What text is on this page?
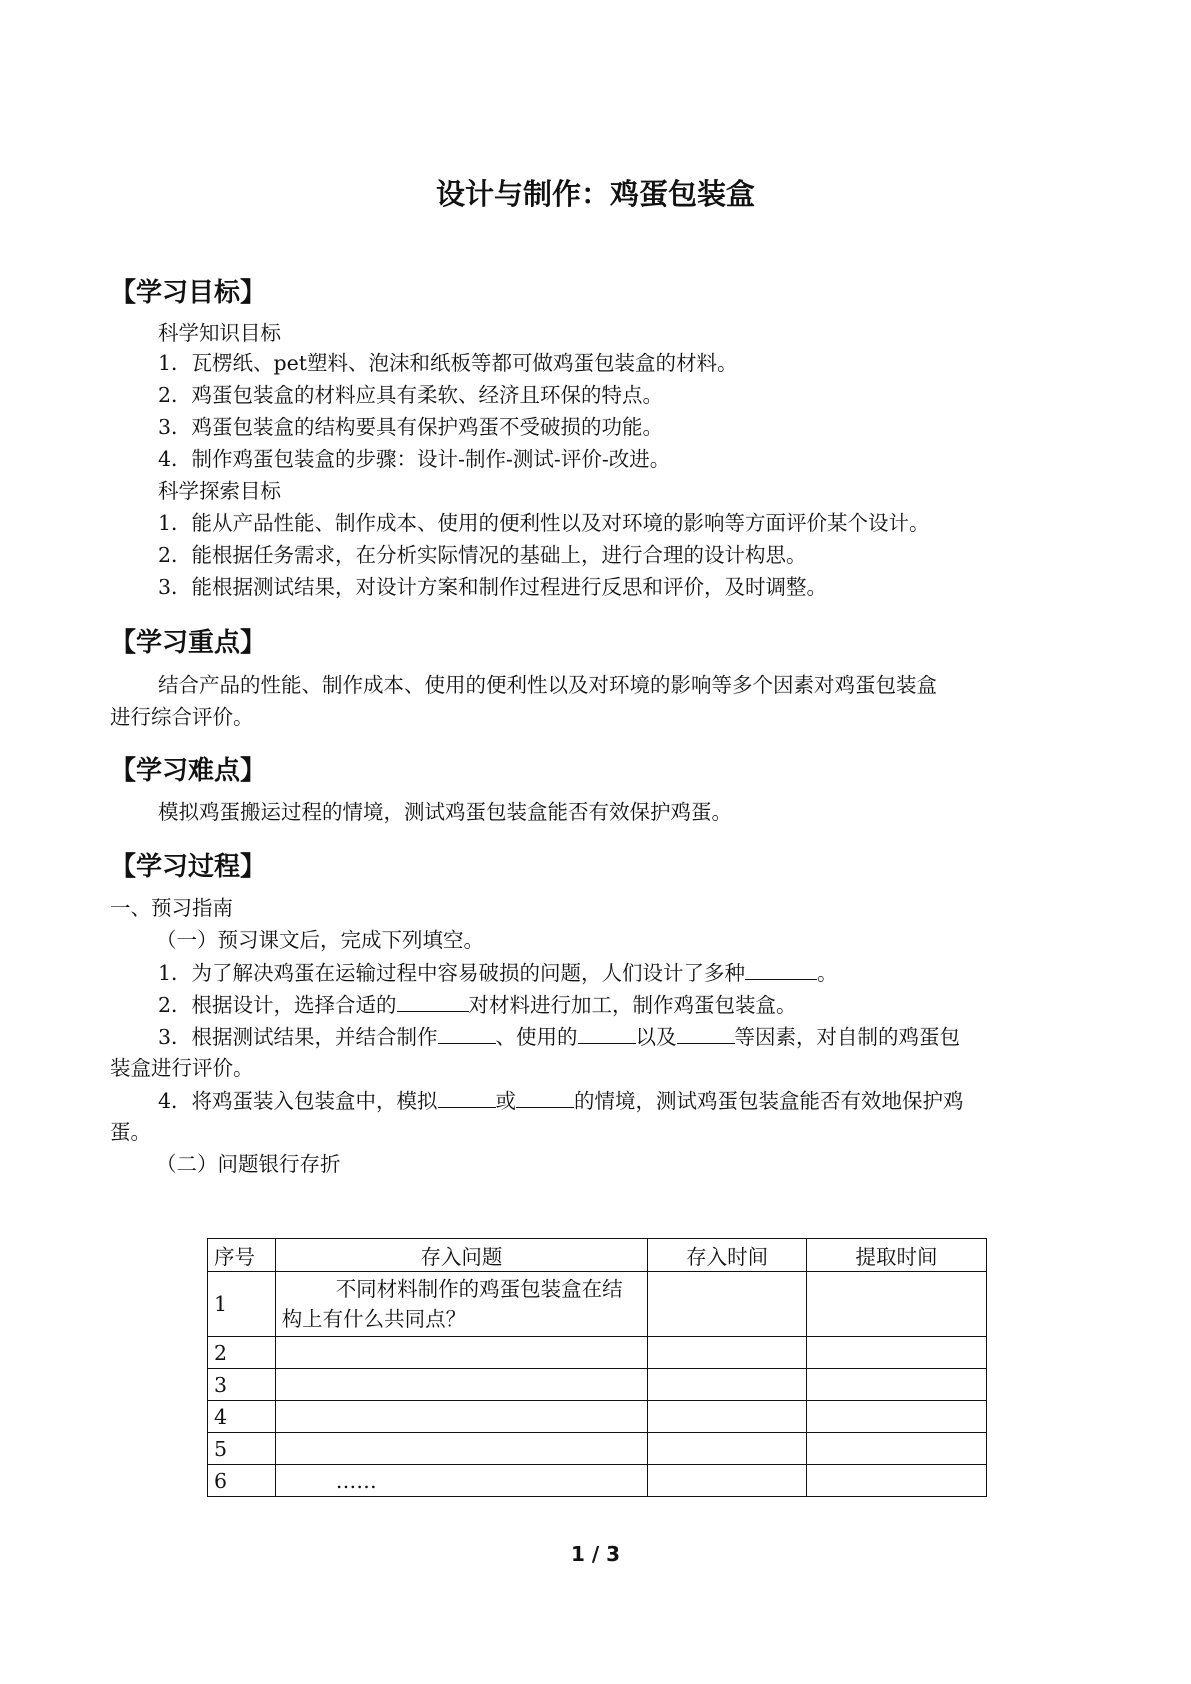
设计与制作：鸡蛋包装盒
【学习目标】
科学知识目标
1．瓦楞纸、pet塑料、泡沫和纸板等都可做鸡蛋包装盒的材料。
2．鸡蛋包装盒的材料应具有柔软、经济且环保的特点。
3．鸡蛋包装盒的结构要具有保护鸡蛋不受破损的功能。
4．制作鸡蛋包装盒的步骤：设计-制作-测试-评价-改进。
科学探索目标
1．能从产品性能、制作成本、使用的便利性以及对环境的影响等方面评价某个设计。
2．能根据任务需求，在分析实际情况的基础上，进行合理的设计构思。
3．能根据测试结果，对设计方案和制作过程进行反思和评价，及时调整。
【学习重点】
结合产品的性能、制作成本、使用的便利性以及对环境的影响等多个因素对鸡蛋包装盒
进行综合评价。
【学习难点】
模拟鸡蛋搬运过程的情境，测试鸡蛋包装盒能否有效保护鸡蛋。
【学习过程】
一、预习指南
（一）预习课文后，完成下列填空。
1．为了解决鸡蛋在运输过程中容易破损的问题，人们设计了多种	。
2．根据设计，选择合适的	对材料进行加工，制作鸡蛋包装盒。
3．根据测试结果，并结合制作	、使用的	以及	等因素，对自制的鸡蛋包
装盒进行评价。
4．将鸡蛋装入包装盒中，模拟	或	的情境，测试鸡蛋包装盒能否有效地保护鸡
蛋。
（二）问题银行存折
序号	存入问题	存入时间	提取时间
1	不同材料制作的鸡蛋包装盒在结构上有什么共同点？		
2			
3			
4			
5			
6	……		
1 / 3
